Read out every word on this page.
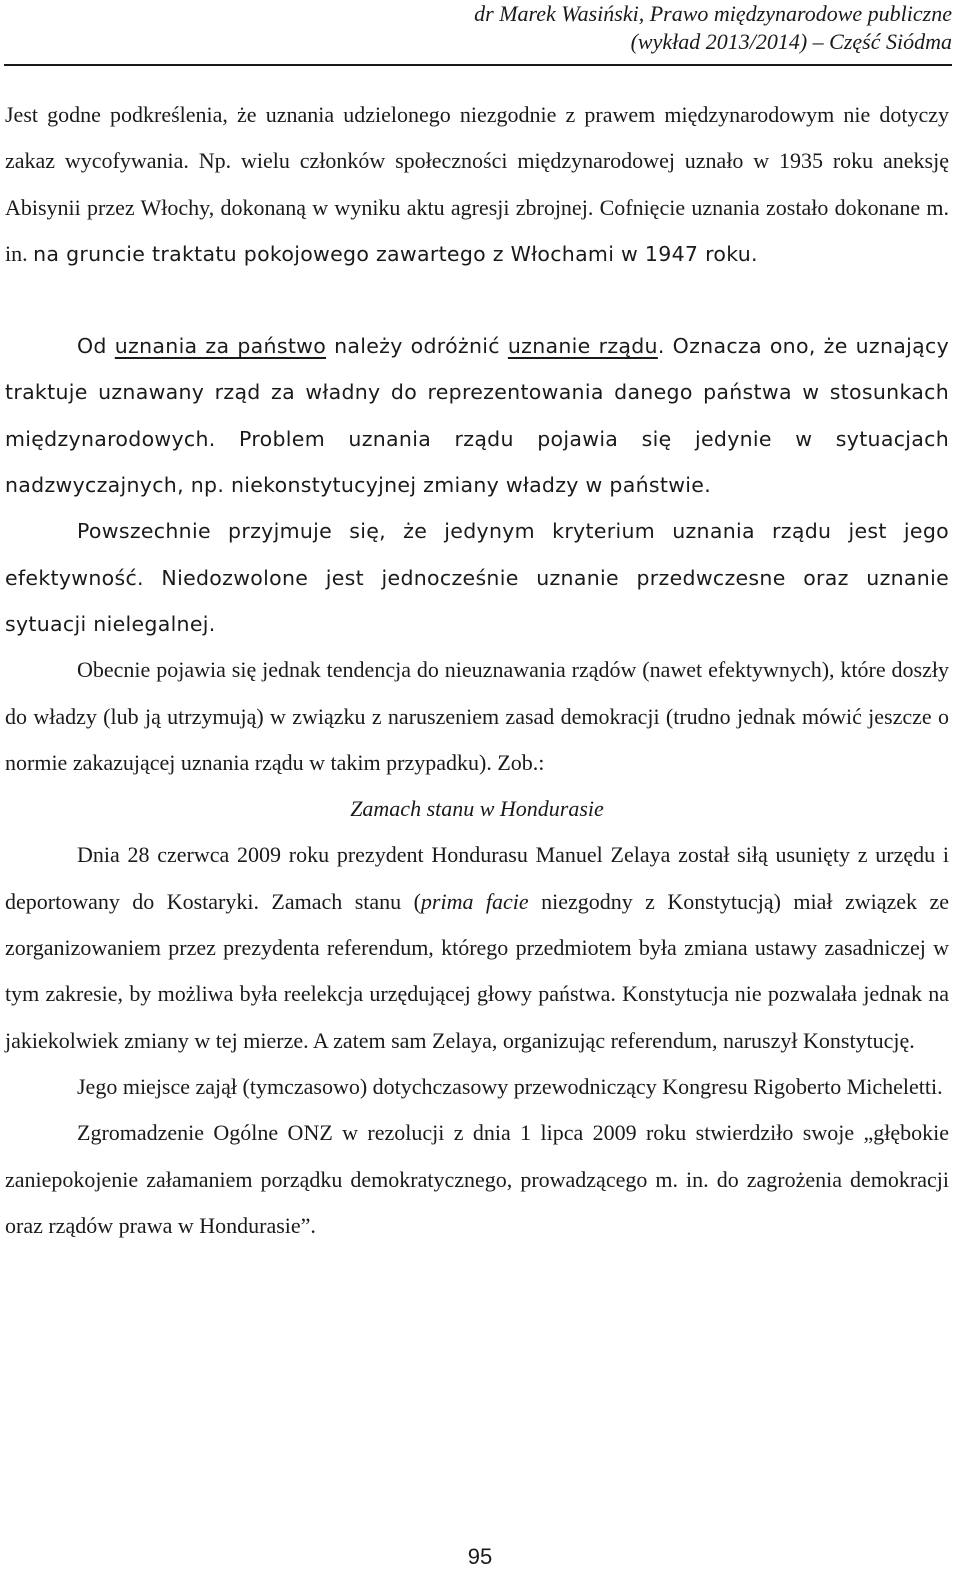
dr Marek Wasiński, Prawo międzynarodowe publiczne
(wykład 2013/2014) – Część Siódma

Jest godne podkreślenia, że uznania udzielonego niezgodnie z prawem międzynarodowym nie dotyczy zakaz wycofywania. Np. wielu członków społeczności międzynarodowej uznało w 1935 roku aneksję Abisynii przez Włochy, dokonaną w wyniku aktu agresji zbrojnej. Cofnięcie uznania zostało dokonane m. in. na gruncie traktatu pokojowego zawartego z Włochami w 1947 roku.

Od uznania za państwo należy odróżnić uznanie rządu. Oznacza ono, że uznający traktuje uznawany rząd za władny do reprezentowania danego państwa w stosunkach międzynarodowych. Problem uznania rządu pojawia się jedynie w sytuacjach nadzwyczajnych, np. niekonstytucyjnej zmiany władzy w państwie.

Powszechnie przyjmuje się, że jedynym kryterium uznania rządu jest jego efektywność. Niedozwolone jest jednocześnie uznanie przedwczesne oraz uznanie sytuacji nielegalnej.

Obecnie pojawia się jednak tendencja do nieuznawania rządów (nawet efektywnych), które doszły do władzy (lub ją utrzymują) w związku z naruszeniem zasad demokracji (trudno jednak mówić jeszcze o normie zakazującej uznania rządu w takim przypadku). Zob.:

Zamach stanu w Hondurasie

Dnia 28 czerwca 2009 roku prezydent Hondurasu Manuel Zelaya został siłą usunięty z urzędu i deportowany do Kostaryki. Zamach stanu (prima facie niezgodny z Konstytucją) miał związek ze zorganizowaniem przez prezydenta referendum, którego przedmiotem była zmiana ustawy zasadniczej w tym zakresie, by możliwa była reelekcja urzędującej głowy państwa. Konstytucja nie pozwalała jednak na jakiekolwiek zmiany w tej mierze. A zatem sam Zelaya, organizując referendum, naruszył Konstytucję.

Jego miejsce zajął (tymczasowo) dotychczasowy przewodniczący Kongresu Rigoberto Micheletti.

Zgromadzenie Ogólne ONZ w rezolucji z dnia 1 lipca 2009 roku stwierdziło swoje „głębokie zaniepokojenie załamaniem porządku demokratycznego, prowadzącego m. in. do zagrożenia demokracji oraz rządów prawa w Hondurasie”.

95
